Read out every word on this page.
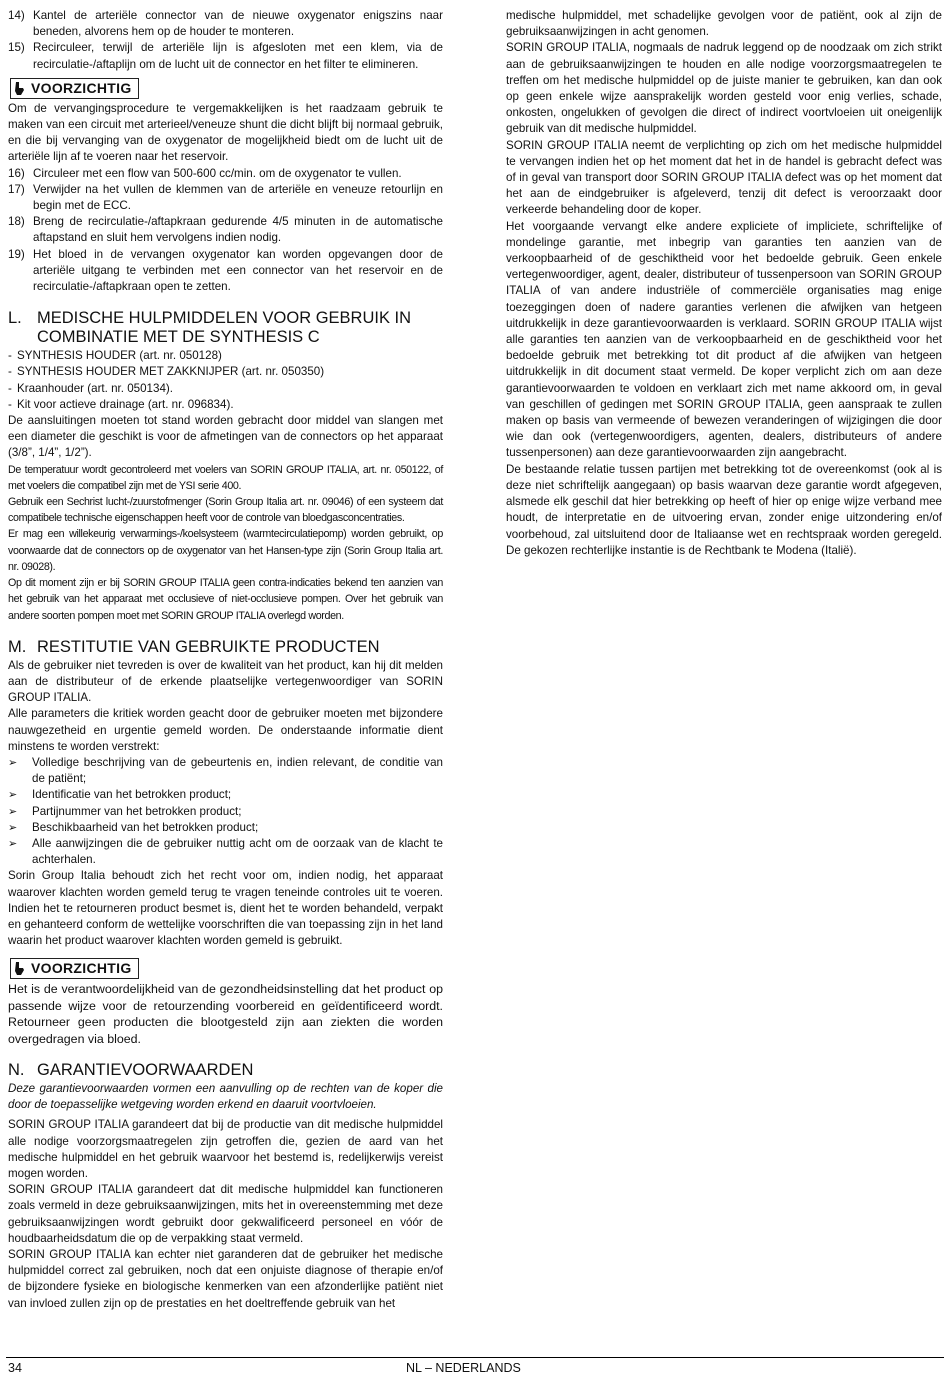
14) Kantel de arteriële connector van de nieuwe oxygenator enigszins naar beneden, alvorens hem op de houder te monteren.
15) Recirculeer, terwijl de arteriële lijn is afgesloten met een klem, via de recirculatie-/aftaplijn om de lucht uit de connector en het filter te elimineren.
VOORZICHTIG

Om de vervangingsprocedure te vergemakkelijken is het raadzaam gebruik te maken van een circuit met arterieel/veneuze shunt die dicht blijft bij normaal gebruik, en die bij vervanging van de oxygenator de mogelijkheid biedt om de lucht uit de arteriële lijn af te voeren naar het reservoir.

16) Circuleer met een flow van 500-600 cc/min. om de oxygenator te vullen.
17) Verwijder na het vullen de klemmen van de arteriële en veneuze retourlijn en begin met de ECC.
18) Breng de recirculatie-/aftapkraan gedurende 4/5 minuten in de automatische aftapstand en sluit hem vervolgens indien nodig.
19) Het bloed in de vervangen oxygenator kan worden opgevangen door de arteriële uitgang te verbinden met een connector van het reservoir en de recirculatie-/aftapkraan open te zetten.
L. MEDISCHE HULPMIDDELEN VOOR GEBRUIK IN
COMBINATIE MET DE SYNTHESIS C
- SYNTHESIS HOUDER (art. nr. 050128)
- SYNTHESIS HOUDER MET ZAKKNIJPER (art. nr. 050350)
- Kraanhouder (art. nr. 050134).
- Kit voor actieve drainage (art. nr. 096834).

De aansluitingen moeten tot stand worden gebracht door middel van slangen met een diameter die geschikt is voor de afmetingen van de connectors op het apparaat (3/8”, 1/4”, 1/2”).

De temperatuur wordt gecontroleerd met voelers van SORIN GROUP ITALIA, art. nr. 050122, of met voelers die compatibel zijn met de YSI serie 400.

Gebruik een Sechrist lucht-/zuurstofmenger (Sorin Group Italia art. nr. 09046) of een systeem dat compatibele technische eigenschappen heeft voor de controle van bloedgasconcentraties.

Er mag een willekeurig verwarmings-/koelsysteem (warmtecirculatiepomp) worden gebruikt, op voorwaarde dat de connectors op de oxygenator van het Hansen-type zijn (Sorin Group Italia art. nr. 09028).

Op dit moment zijn er bij SORIN GROUP ITALIA geen contra-indicaties bekend ten aanzien van het gebruik van het apparaat met occlusieve of niet-occlusieve pompen. Over het gebruik van andere soorten pompen moet met SORIN GROUP ITALIA overlegd worden.

M. RESTITUTIE VAN GEBRUIKTE PRODUCTEN

Als de gebruiker niet tevreden is over de kwaliteit van het product, kan hij dit melden aan de distributeur of de erkende plaatselijke vertegenwoordiger van SORIN GROUP ITALIA.

Alle parameters die kritiek worden geacht door de gebruiker moeten met bijzondere nauwgezetheid en urgentie gemeld worden. De onderstaande informatie dient minstens te worden verstrekt:

➢	Volledige beschrijving van de gebeurtenis en, indien relevant, de conditie van de patiënt;
➢	Identificatie van het betrokken product;
➢	Partijnummer van het betrokken product;
➢	Beschikbaarheid van het betrokken product;
➢	Alle aanwijzingen die de gebruiker nuttig acht om de oorzaak van de klacht te achterhalen.

Sorin Group Italia behoudt zich het recht voor om, indien nodig, het apparaat waarover klachten worden gemeld terug te vragen teneinde controles uit te voeren. Indien het te retourneren product besmet is, dient het te worden behandeld, verpakt en gehanteerd conform de wettelijke voorschriften die van toepassing zijn in het land waarin het product waarover klachten worden gemeld is gebruikt.

VOORZICHTIG

Het is de verantwoordelijkheid van de gezondheidsinstelling dat het product op passende wijze voor de retourzending voorbereid en geïdentificeerd wordt. Retourneer geen producten die blootgesteld zijn aan ziekten die worden overgedragen via bloed.

N. GARANTIEVOORWAARDEN

Deze garantievoorwaarden vormen een aanvulling op de rechten van de koper die door de toepasselijke wetgeving worden erkend en daaruit voortvloeien.

SORIN GROUP ITALIA garandeert dat bij de productie van dit medische hulpmiddel alle nodige voorzorgsmaatregelen zijn getroffen die, gezien de aard van het medische hulpmiddel en het gebruik waarvoor het bestemd is, redelijkerwijs vereist mogen worden.

SORIN GROUP ITALIA garandeert dat dit medische hulpmiddel kan functioneren zoals vermeld in deze gebruiksaanwijzingen, mits het in overeenstemming met deze gebruiksaanwijzingen wordt gebruikt door gekwalificeerd personeel en vóór de houdbaarheidsdatum die op de verpakking staat vermeld.

SORIN GROUP ITALIA kan echter niet garanderen dat de gebruiker het medische hulpmiddel correct zal gebruiken, noch dat een onjuiste diagnose of therapie en/of de bijzondere fysieke en biologische kenmerken van een afzonderlijke patiënt niet van invloed zullen zijn op de prestaties en het doeltreffende gebruik van het

medische hulpmiddel, met schadelijke gevolgen voor de patiënt, ook al zijn de gebruiksaanwijzingen in acht genomen.

SORIN GROUP ITALIA, nogmaals de nadruk leggend op de noodzaak om zich strikt aan de gebruiksaanwijzingen te houden en alle nodige voorzorgsmaatregelen te treffen om het medische hulpmiddel op de juiste manier te gebruiken, kan dan ook op geen enkele wijze aansprakelijk worden gesteld voor enig verlies, schade, onkosten, ongelukken of gevolgen die direct of indirect voortvloeien uit oneigenlijk gebruik van dit medische hulpmiddel.

SORIN GROUP ITALIA neemt de verplichting op zich om het medische hulpmiddel te vervangen indien het op het moment dat het in de handel is gebracht defect was of in geval van transport door SORIN GROUP ITALIA defect was op het moment dat het aan de eindgebruiker is afgeleverd, tenzij dit defect is veroorzaakt door verkeerde behandeling door de koper.

Het voorgaande vervangt elke andere expliciete of impliciete, schriftelijke of mondelinge garantie, met inbegrip van garanties ten aanzien van de verkoopbaarheid of de geschiktheid voor het bedoelde gebruik. Geen enkele vertegenwoordiger, agent, dealer, distributeur of tussenpersoon van SORIN GROUP ITALIA of van andere industriële of commerciële organisaties mag enige toezeggingen doen of nadere garanties verlenen die afwijken van hetgeen uitdrukkelijk in deze garantievoorwaarden is verklaard. SORIN GROUP ITALIA wijst alle garanties ten aanzien van de verkoopbaarheid en de geschiktheid voor het bedoelde gebruik met betrekking tot dit product af die afwijken van hetgeen uitdrukkelijk in dit document staat vermeld. De koper verplicht zich om aan deze garantievoorwaarden te voldoen en verklaart zich met name akkoord om, in geval van geschillen of gedingen met SORIN GROUP ITALIA, geen aanspraak te zullen maken op basis van vermeende of bewezen veranderingen of wijzigingen die door wie dan ook (vertegenwoordigers, agenten, dealers, distributeurs of andere tussenpersonen) aan deze garantievoorwaarden zijn aangebracht.

De bestaande relatie tussen partijen met betrekking tot de overeenkomst (ook al is deze niet schriftelijk aangegaan) op basis waarvan deze garantie wordt afgegeven, alsmede elk geschil dat hier betrekking op heeft of hier op enige wijze verband mee houdt, de interpretatie en de uitvoering ervan, zonder enige uitzondering en/of voorbehoud, zal uitsluitend door de Italiaanse wet en rechtspraak worden geregeld. De gekozen rechterlijke instantie is de Rechtbank te Modena (Italië).

34	NL – NEDERLANDS
